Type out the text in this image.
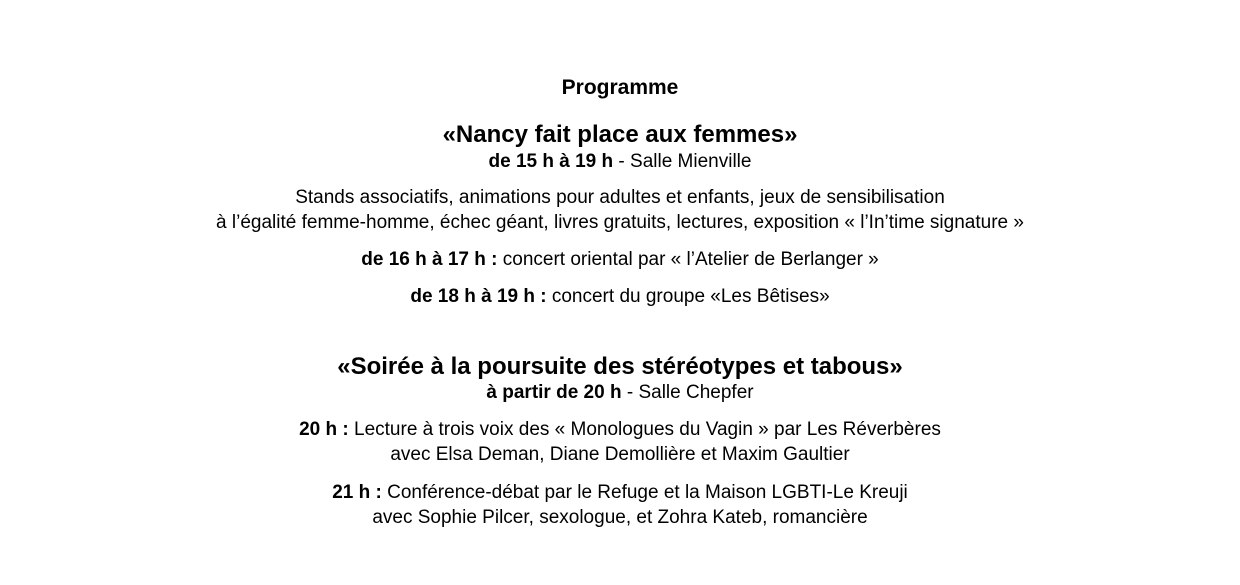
Programme
«Nancy fait place aux femmes»
de 15 h à 19 h - Salle Mienville
Stands associatifs, animations pour adultes et enfants, jeux de sensibilisation
à l’égalité femme-homme, échec géant, livres gratuits, lectures, exposition « l’In’time signature »
de 16 h à 17 h : concert oriental par « l’Atelier de Berlanger »
de 18 h à 19 h : concert du groupe «Les Bêtises»
«Soirée à la poursuite des stéréotypes et tabous»
à partir de 20 h - Salle Chepfer
20 h : Lecture à trois voix des « Monologues du Vagin » par Les Réverbères
avec Elsa Deman, Diane Demollière et Maxim Gaultier
21 h : Conférence-débat par le Refuge et la Maison LGBTI-Le Kreuji
avec Sophie Pilcer, sexologue, et Zohra Kateb, romancière
